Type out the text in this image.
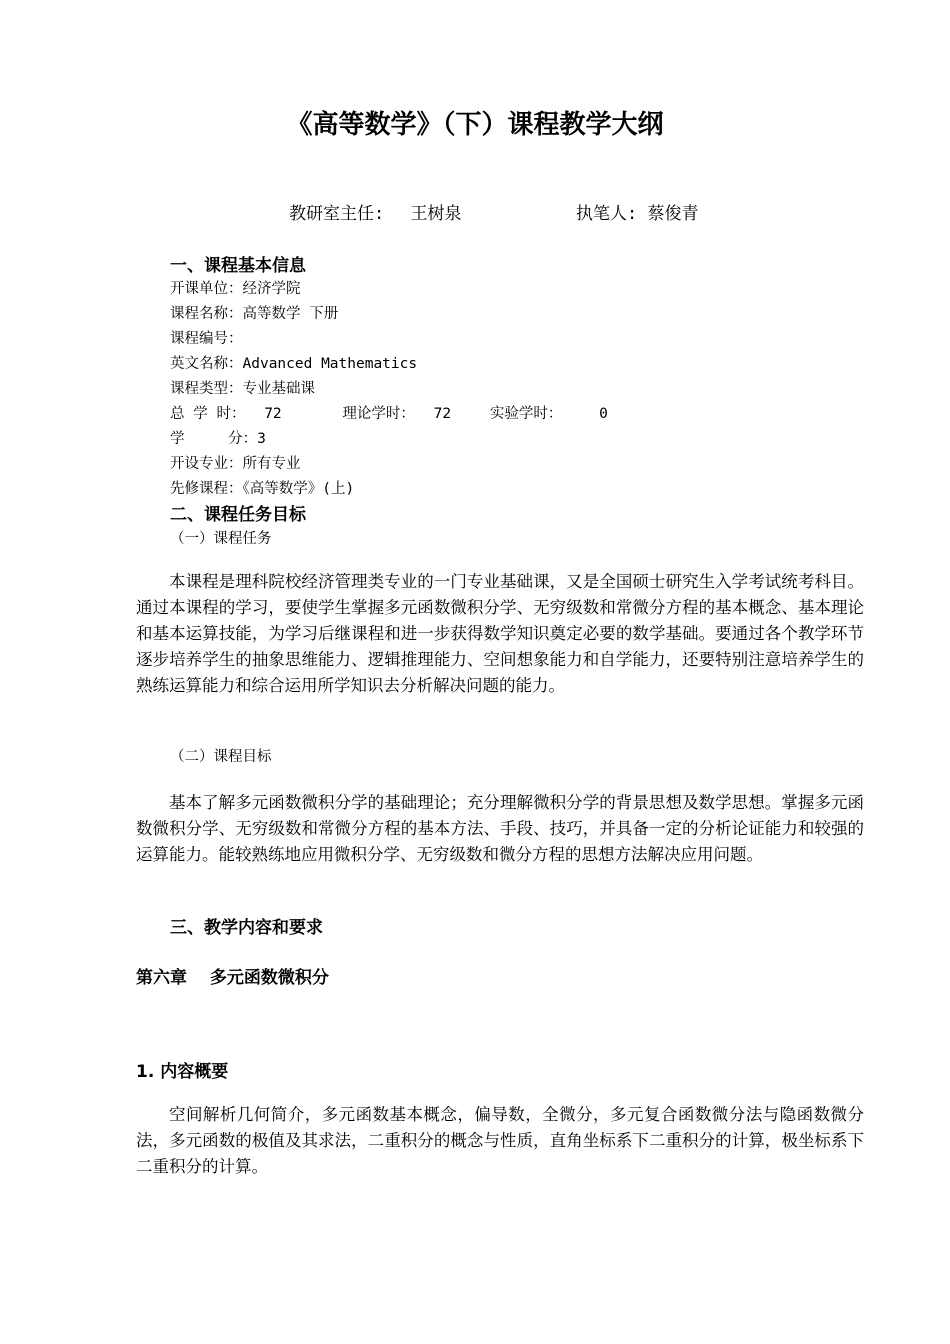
《高等数学》（下）课程教学大纲
教研室主任: 王树泉	执笔人: 蔡俊青
一、课程基本信息
开课单位：经济学院
课程名称：高等数学 下册
课程编号：
英文名称：Advanced Mathematics
课程类型：专业基础课
总 学 时： 72	理论学时： 72	实验学时：	0
学     分：3
开设专业：所有专业
先修课程：《高等数学》(上)
二、课程任务目标
（一）课程任务
本课程是理科院校经济管理类专业的一门专业基础课，又是全国硕士研究生入学考试统考科目。通过本课程的学习，要使学生掌握多元函数微积分学、无穷级数和常微分方程的基本概念、基本理论和基本运算技能，为学习后继课程和进一步获得数学知识奠定必要的数学基础。要通过各个教学环节逐步培养学生的抽象思维能力、逻辑推理能力、空间想象能力和自学能力，还要特别注意培养学生的熟练运算能力和综合运用所学知识去分析解决问题的能力。
（二）课程目标
基本了解多元函数微积分学的基础理论；充分理解微积分学的背景思想及数学思想。掌握多元函数微积分学、无穷级数和常微分方程的基本方法、手段、技巧，并具备一定的分析论证能力和较强的运算能力。能较熟练地应用微积分学、无穷级数和微分方程的思想方法解决应用问题。
三、教学内容和要求
第六章　 多元函数微积分
1. 内容概要
空间解析几何简介，多元函数基本概念，偏导数，全微分，多元复合函数微分法与隐函数微分法，多元函数的极值及其求法，二重积分的概念与性质，直角坐标系下二重积分的计算，极坐标系下二重积分的计算。
